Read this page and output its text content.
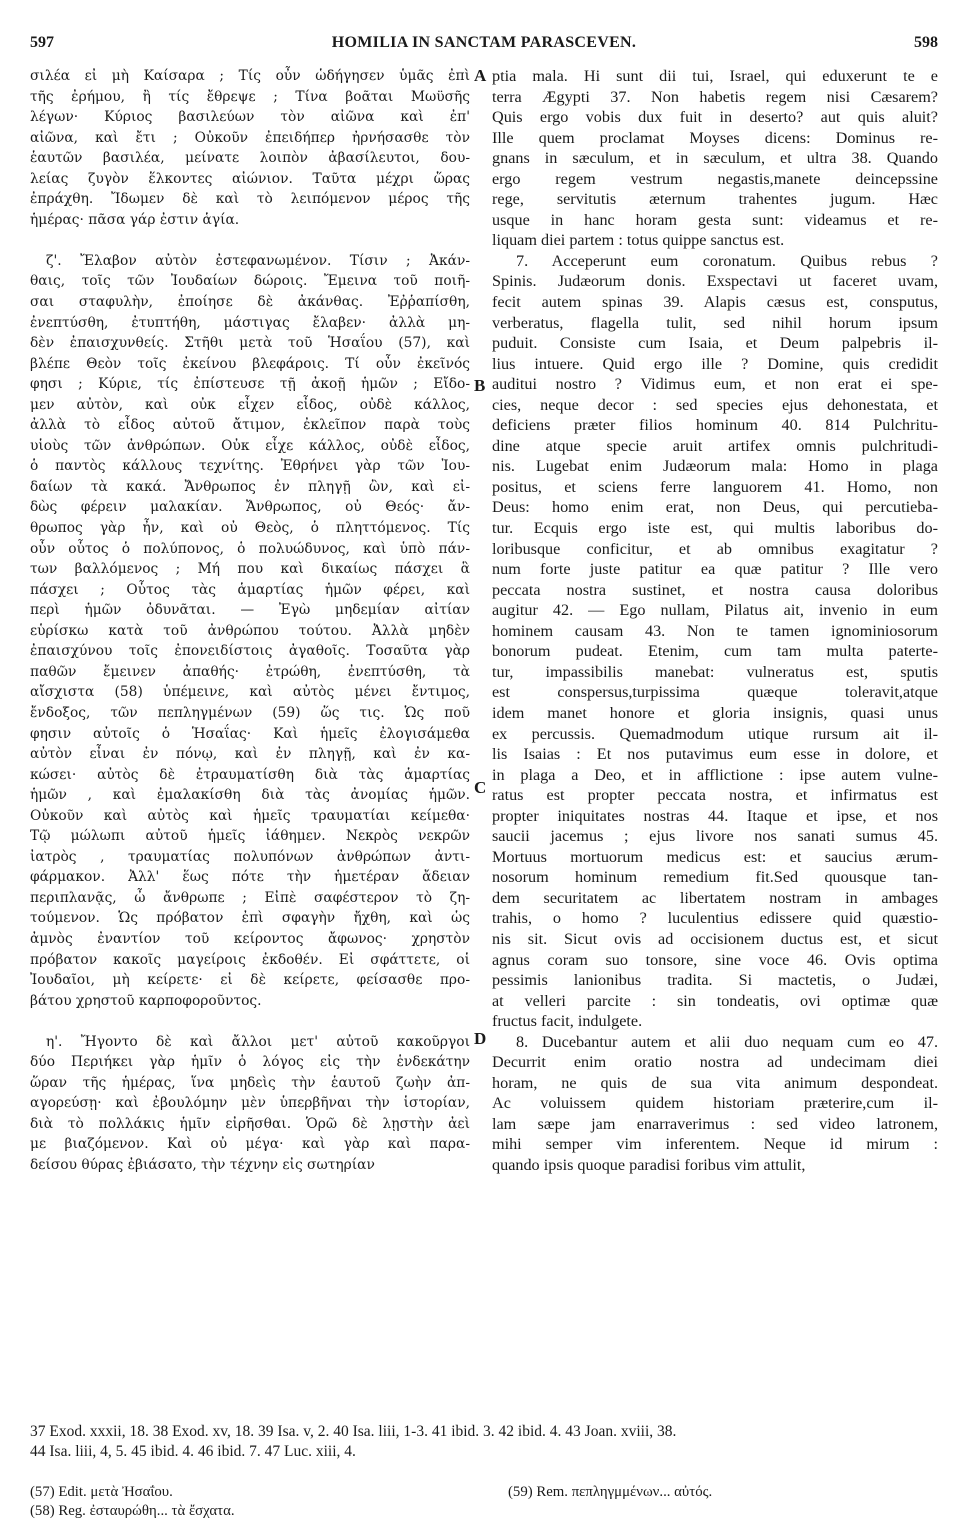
597	HOMILIA IN SANCTAM PARASCEVEN.	598
σιλέα εἰ μὴ Καίσαρα ; Τίς οὖν ὡδήγησεν ὑμᾶς ἐπὶ
τῆς ἐρήμου, ἢ τίς ἔθρεψε ; Τίνα βοᾶται Μωϋσῆς
λέγων· Κύριος βασιλεύων τὸν αἰῶνα καὶ ἐπ'
αἰῶνα, καὶ ἔτι ; Οὐκοῦν ἐπειδήπερ ἠρνήσασθε τὸν
ἑαυτῶν βασιλέα, μείνατε λοιπὸν ἀβασίλευτοι, δου-
λείας ζυγὸν ἕλκοντες αἰώνιον. Ταῦτα μέχρι ὥρας
ἐπράχθη. Ἴδωμεν δὲ καὶ τὸ λειπόμενον μέρος τῆς
ἡμέρας· πᾶσα γάρ ἐστιν ἁγία.
ζ'. Ἔλαβον αὐτὸν ἐστεφανωμένον. Τίσιν ; Ἀκάν-
θαις, τοῖς τῶν Ἰουδαίων δώροις. Ἔμεινα τοῦ ποιῆ-
σαι σταφυλὴν, ἐποίησε δὲ ἀκάνθας. Ἐῤῥαπίσθη,
ἐνεπτύσθη, ἐτυπτήθη, μάστιγας ἔλαβεν· ἀλλὰ μη-
δὲν ἐπαισχυνθείς. Στῆθι μετὰ τοῦ Ἡσαΐου (57), καὶ
βλέπε Θεὸν τοῖς ἐκείνου βλεφάροις. Τί οὖν ἐκεῖνός
φησι ; Κύριε, τίς ἐπίστευσε τῇ ἀκοῇ ἡμῶν ; Εἴδο-
μεν αὐτὸν, καὶ οὐκ εἶχεν εἶδος, οὐδὲ κάλλος,
ἀλλὰ τὸ εἶδος αὐτοῦ ἄτιμον, ἐκλεῖπον παρὰ τοὺς
υἱοὺς τῶν ἀνθρώπων. Οὐκ εἶχε κάλλος, οὐδὲ εἶδος,
ὁ παντὸς κάλλους τεχνίτης. Ἐθρήνει γὰρ τῶν Ἰου-
δαίων τὰ κακά. Ἄνθρωπος ἐν πληγῇ ὢν, καὶ εἰ-
δὼς φέρειν μαλακίαν. Ἄνθρωπος, οὐ Θεός· ἄν-
θρωπος γὰρ ἦν, καὶ οὐ Θεὸς, ὁ πληττόμενος. Τίς
οὖν οὗτος ὁ πολύπονος, ὁ πολυώδυνος, καὶ ὑπὸ πάν-
των βαλλόμενος ; Μή που καὶ δικαίως πάσχει ἃ
πάσχει ; Οὗτος τὰς ἁμαρτίας ἡμῶν φέρει, καὶ
περὶ ἡμῶν ὀδυνᾶται. — Ἐγὼ μηδεμίαν αἰτίαν
εὑρίσκω κατὰ τοῦ ἀνθρώπου τούτου. Ἀλλὰ μηδὲν
ἐπαισχύνου τοῖς ἐπονειδίστοις ἀγαθοῖς. Τοσαῦτα γὰρ
παθῶν ἔμεινεν ἀπαθής· ἐτρώθη, ἐνεπτύσθη, τὰ
αἴσχιστα (58) ὑπέμεινε, καὶ αὐτὸς μένει ἔντιμος,
ἔνδοξος, τῶν πεπληγμένων (59) ὥς τις. Ὡς ποῦ
φησιν αὐτοῖς ὁ Ἡσαΐας· Καὶ ἡμεῖς ἐλογισάμεθα
αὐτὸν εἶναι ἐν πόνῳ, καὶ ἐν πληγῇ, καὶ ἐν κα-
κώσει· αὐτὸς δὲ ἐτραυματίσθη διὰ τὰς ἁμαρτίας
ἡμῶν , καὶ ἐμαλακίσθη διὰ τὰς ἀνομίας ἡμῶν.
Οὐκοῦν καὶ αὐτὸς καὶ ἡμεῖς τραυματίαι κείμεθα·
Τῷ μώλωπι αὐτοῦ ἡμεῖς ἰάθημεν. Νεκρὸς νεκρῶν
ἰατρὸς , τραυματίας πολυπόνων ἀνθρώπων ἀντι-
φάρμακον. Ἀλλ' ἕως πότε τὴν ἡμετέραν ἄδειαν
περιπλανᾷς, ὦ ἄνθρωπε ; Εἰπὲ σαφέστερον τὸ ζη-
τούμενον. Ὡς πρόβατον ἐπὶ σφαγὴν ἤχθη, καὶ ὡς
ἀμνὸς ἐναντίον τοῦ κείροντος ἄφωνος· χρηστὸν
πρόβατον κακοῖς μαγείροις ἐκδοθέν. Εἰ σφάττετε, οἱ
Ἰουδαῖοι, μὴ κείρετε· εἰ δὲ κείρετε, φείσασθε προ-
βάτου χρηστοῦ καρποφοροῦντος.
η'. Ἤγοντο δὲ καὶ ἄλλοι μετ' αὐτοῦ κακοῦργοι
δύο Περιήκει γὰρ ἡμῖν ὁ λόγος εἰς τὴν ἑνδεκάτην
ὥραν τῆς ἡμέρας, ἵνα μηδεὶς τὴν ἑαυτοῦ ζωὴν ἀπ-
αγορεύσῃ· καὶ ἐβουλόμην μὲν ὑπερβῆναι τὴν ἱστορίαν,
διὰ τὸ πολλάκις ἡμῖν εἰρῆσθαι. Ὁρῶ δὲ λῃστὴν ἀεὶ
με βιαζόμενον. Καὶ οὐ μέγα· καὶ γὰρ καὶ παρα-
δείσου θύρας ἐβιάσατο, τὴν τέχνην εἰς σωτηρίαν
ptia mala. Hi sunt dii tui, Israel, qui eduxerunt te e
terra Ægypti 37. Non habetis regem nisi Cæsarem?
Quis ergo vobis dux fuit in deserto? aut quis aluit?
Ille quem proclamat Moyses dicens: Dominus re-
gnans in sæculum, et in sæculum, et ultra 38. Quando
ergo regem vestrum negastis,manete deincepssine
rege, servitutis æternum trahentes jugum. Hæc
usque in hanc horam gesta sunt: videamus et re-
liquam diei partem : totus quippe sanctus est.
7. Acceperunt eum coronatum. Quibus rebus ?
Spinis. Judæorum donis. Exspectavi ut faceret uvam,
fecit autem spinas 39. Alapis cæsus est, consputus,
verberatus, flagella tulit, sed nihil horum ipsum
puduit. Consiste cum Isaia, et Deum palpebris il-
lius intuere. Quid ergo ille ? Domine, quis credidit
auditui nostro ? Vidimus eum, et non erat ei spe-
cies, neque decor : sed species ejus dehonestata, et
deficiens præter filios hominum 40. 814 Pulchritu-
dine atque specie aruit artifex omnis pulchritudi-
nis. Lugebat enim Judæorum mala: Homo in plaga
positus, et sciens ferre languorem 41. Homo, non
Deus: homo enim erat, non Deus, qui percutieba-
tur. Ecquis ergo iste est, qui multis laboribus do-
loribusque conficitur, et ab omnibus exagitatur ?
num forte juste patitur ea quæ patitur ? Ille vero
peccata nostra sustinet, et nostra causa doloribus
augitur 42. — Ego nullam, Pilatus ait, invenio in eum
hominem causam 43. Non te tamen ignominiosorum
bonorum pudeat. Etenim, cum tam multa paterte-
tur, impassibilis manebat: vulneratus est, sputis
est conspersus,turpissima quæque toleravit,atque
idem manet honore et gloria insignis, quasi unus
ex percussis. Quemadmodum utique rursum ait il-
lis Isaias : Et nos putavimus eum esse in dolore, et
in plaga a Deo, et in afflictione : ipse autem vulne-
ratus est propter peccata nostra, et infirmatus est
propter iniquitates nostras 44. Itaque et ipse, et nos
saucii jacemus ; ejus livore nos sanati sumus 45.
Mortuus mortuorum medicus est: et saucius ærum-
nosorum hominum remedium fit.Sed quousque tan-
dem securitatem ac libertatem nostram in ambages
trahis, o homo ? luculentius edissere quid quæstio-
nis sit. Sicut ovis ad occisionem ductus est, et sicut
agnus coram suo tonsore, sine voce 46. Ovis optima
pessimis lanionibus tradita. Si mactetis, o Judæi,
at velleri parcite : sin tondeatis, ovi optimæ quæ
fructus facit, indulgete.
8. Ducebantur autem et alii duo nequam cum eo 47.
Decurrit enim oratio nostra ad undecimam diei
horam, ne quis de sua vita animum despondeat.
Ac voluissem quidem historiam præterire,cum il-
lam sæpe jam enarraverimus : sed video latronem,
mihi semper vim inferentem. Neque id mirum :
quando ipsis quoque paradisi foribus vim attulit,
A
B
C
D
37 Exod. xxxii, 18. 38 Exod. xv, 18. 39 Isa. v, 2. 40 Isa. liii, 1-3. 41 ibid. 3. 42 ibid. 4. 43 Joan. xviii, 38.
44 Isa. liii, 4, 5. 45 ibid. 4. 46 ibid. 7. 47 Luc. xiii, 4.
(57) Edit. μετὰ Ἠσαΐου.
(58) Reg. ἐσταυρώθη... τὰ ἔσχατα.
(59) Rem. πεπληγμμένων... αὐτός.
